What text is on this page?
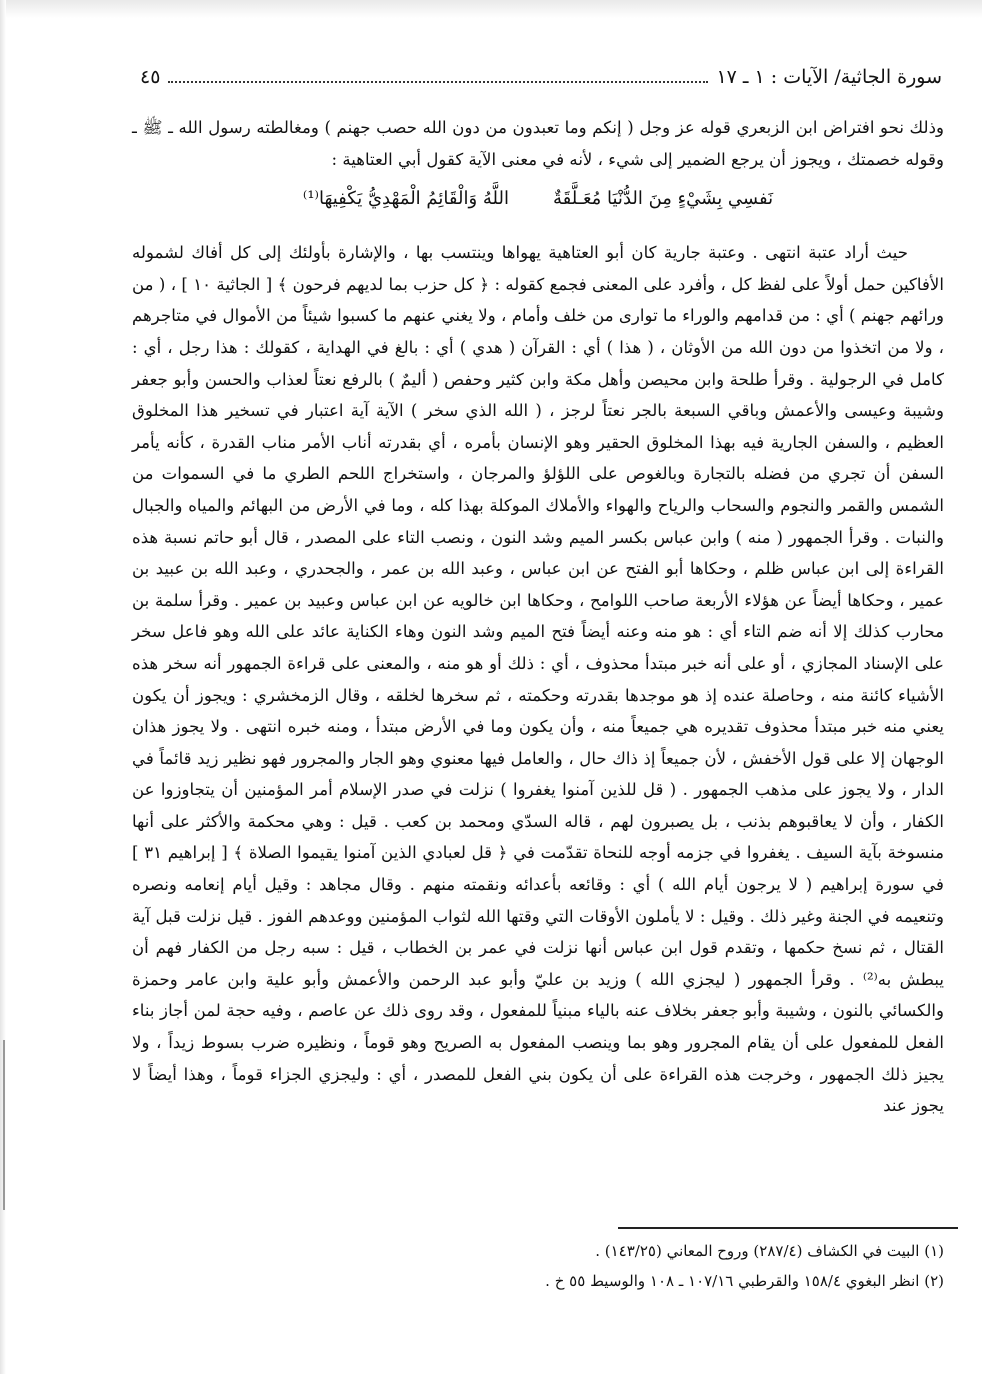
سورة الجاثية/ الآيات : ١ ـ ١٧
٤٥

وذلك نحو افتراض ابن الزبعري قوله عز وجل ( إنكم وما تعبدون من دون الله حصب جهنم ) ومغالطته رسول الله ـ ﷺ ـ وقوله خصمتك ، ويجوز أن يرجع الضمير إلى شيء ، لأنه في معنى الآية كقول أبي العتاهية :

نَفسِي بِشَيْءٍ مِنَ الدُّنْيَا مُعَـلَّقَةٌ
اللَّهُ وَالْقَائِمُ الْمَهْدِيُّ يَكْفِيهَا⁽¹⁾

حيث أراد عتبة انتهى . وعتبة جارية كان أبو العتاهية يهواها وينتسب بها ، والإشارة بأولئك إلى كل أفاك لشموله الأفاكين حمل أولاً على لفظ كل ، وأفرد على المعنى فجمع كقوله : ﴿ كل حزب بما لديهم فرحون ﴾ [ الجاثية ١٠ ] ، ( من ورائهم جهنم ) أي : من قدامهم والوراء ما توارى من خلف وأمام ، ولا يغني عنهم ما كسبوا شيئاً من الأموال في متاجرهم ، ولا من اتخذوا من دون الله من الأوثان ، ( هذا ) أي : القرآن ( هدي ) أي : بالغ في الهداية ، كقولك : هذا رجل ، أي : كامل في الرجولية . وقرأ طلحة وابن محيصن وأهل مكة وابن كثير وحفص ( أليمٌ ) بالرفع نعتاً لعذاب والحسن وأبو جعفر وشيبة وعيسى والأعمش وباقي السبعة بالجر نعتاً لرجز ، ( الله الذي سخر ) الآية آية اعتبار في تسخير هذا المخلوق العظيم ، والسفن الجارية فيه بهذا المخلوق الحقير وهو الإنسان بأمره ، أي بقدرته أناب الأمر مناب القدرة ، كأنه يأمر السفن أن تجري من فضله بالتجارة وبالغوص على اللؤلؤ والمرجان ، واستخراج اللحم الطري ما في السموات من الشمس والقمر والنجوم والسحاب والرياح والهواء والأملاك الموكلة بهذا كله ، وما في الأرض من البهائم والمياه والجبال والنبات . وقرأ الجمهور ( منه ) وابن عباس بكسر الميم وشد النون ، ونصب التاء على المصدر ، قال أبو حاتم نسبة هذه القراءة إلى ابن عباس ظلم ، وحكاها أبو الفتح عن ابن عباس ، وعبد الله بن عمر ، والجحدري ، وعبد الله بن عبيد بن عمير ، وحكاها أيضاً عن هؤلاء الأربعة صاحب اللوامح ، وحكاها ابن خالويه عن ابن عباس وعبيد بن عمير . وقرأ سلمة بن محارب كذلك إلا أنه ضم التاء أي : هو منه وعنه أيضاً فتح الميم وشد النون وهاء الكناية عائد على الله وهو فاعل سخر على الإسناد المجازي ، أو على أنه خبر مبتدأ محذوف ، أي : ذلك أو هو منه ، والمعنى على قراءة الجمهور أنه سخر هذه الأشياء كائنة منه ، وحاصلة عنده إذ هو موجدها بقدرته وحكمته ، ثم سخرها لخلقه ، وقال الزمخشري : ويجوز أن يكون يعني منه خبر مبتدأ محذوف تقديره هي جميعاً منه ، وأن يكون وما في الأرض مبتدأ ، ومنه خبره انتهى . ولا يجوز هذان الوجهان إلا على قول الأخفش ، لأن جميعاً إذ ذاك حال ، والعامل فيها معنوي وهو الجار والمجرور فهو نظير زيد قائماً في الدار ، ولا يجوز على مذهب الجمهور . ( قل للذين آمنوا يغفروا ) نزلت في صدر الإسلام أمر المؤمنين أن يتجاوزوا عن الكفار ، وأن لا يعاقبوهم بذنب ، بل يصبرون لهم ، قاله السدّي ومحمد بن كعب . قيل : وهي محكمة والأكثر على أنها منسوخة بآية السيف . يغفروا في جزمه أوجه للنحاة تقدّمت في ﴿ قل لعبادي الذين آمنوا يقيموا الصلاة ﴾ [ إبراهيم ٣١ ] في سورة إبراهيم ( لا يرجون أيام الله ) أي : وقائعه بأعدائه ونقمته منهم . وقال مجاهد : وقيل أيام إنعامه ونصره وتنعيمه في الجنة وغير ذلك . وقيل : لا يأملون الأوقات التي وقتها الله لثواب المؤمنين ووعدهم الفوز . قيل نزلت قبل آية القتال ، ثم نسخ حكمها ، وتقدم قول ابن عباس أنها نزلت في عمر بن الخطاب ، قيل : سبه رجل من الكفار فهم أن يبطش به⁽²⁾ . وقرأ الجمهور ( ليجزي الله ) وزيد بن عليّ وأبو عبد الرحمن والأعمش وأبو علية وابن عامر وحمزة والكسائي بالنون ، وشيبة وأبو جعفر بخلاف عنه بالياء مبنياً للمفعول ، وقد روى ذلك عن عاصم ، وفيه حجة لمن أجاز بناء الفعل للمفعول على أن يقام المجرور وهو بما وينصب المفعول به الصريح وهو قوماً ، ونظيره ضرب بسوط زيداً ، ولا يجيز ذلك الجمهور ، وخرجت هذه القراءة على أن يكون بني الفعل للمصدر ، أي : وليجزي الجزاء قوماً ، وهذا أيضاً لا يجوز عند

(١) البيت في الكشاف (٢٨٧/٤) وروح المعاني (١٤٣/٢٥) .

(٢) انظر البغوي ١٥٨/٤ والقرطبي ١٠٧/١٦ ـ ١٠٨ والوسيط ٥٥ خ .
